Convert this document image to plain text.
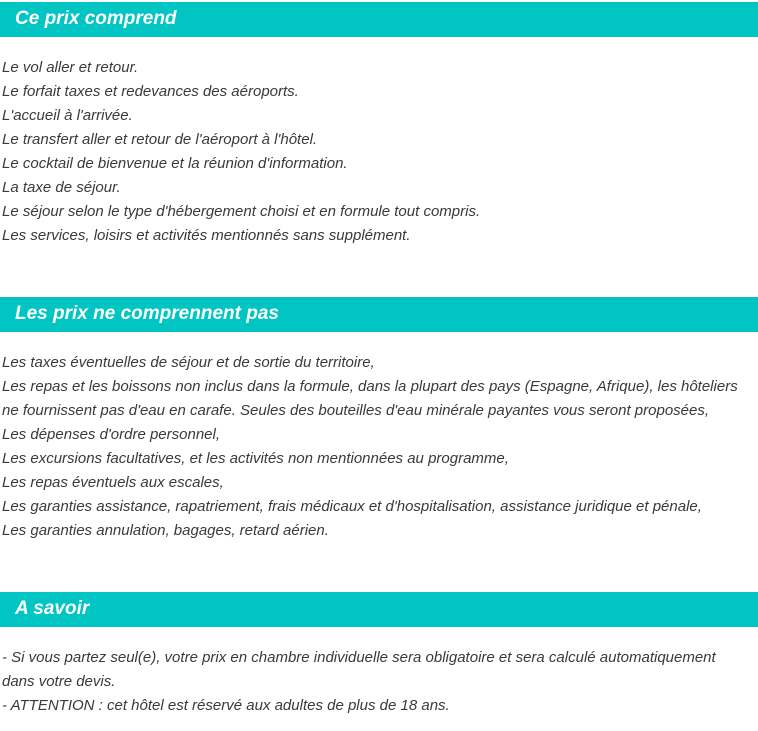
Ce prix comprend

Le vol aller et retour.

Le forfait taxes et redevances des aéroports.

L'accueil à l'arrivée.

Le transfert aller et retour de l'aéroport à l'hôtel.

Le cocktail de bienvenue et la réunion d'information.

La taxe de séjour.

Le séjour selon le type d'hébergement choisi et en formule tout compris.

Les services, loisirs et activités mentionnés sans supplément.

Les prix ne comprennent pas

Les taxes éventuelles de séjour et de sortie du territoire,

Les repas et les boissons non inclus dans la formule, dans la plupart des pays (Espagne, Afrique), les hôteliers ne fournissent pas d'eau en carafe. Seules des bouteilles d'eau minérale payantes vous seront proposées,

Les dépenses d'ordre personnel,

Les excursions facultatives, et les activités non mentionnées au programme,

Les repas éventuels aux escales,

Les garanties assistance, rapatriement, frais médicaux et d'hospitalisation, assistance juridique et pénale,

Les garanties annulation, bagages, retard aérien.

A savoir

- Si vous partez seul(e), votre prix en chambre individuelle sera obligatoire et sera calculé automatiquement dans votre devis.

- ATTENTION : cet hôtel est réservé aux adultes de plus de 18 ans.
